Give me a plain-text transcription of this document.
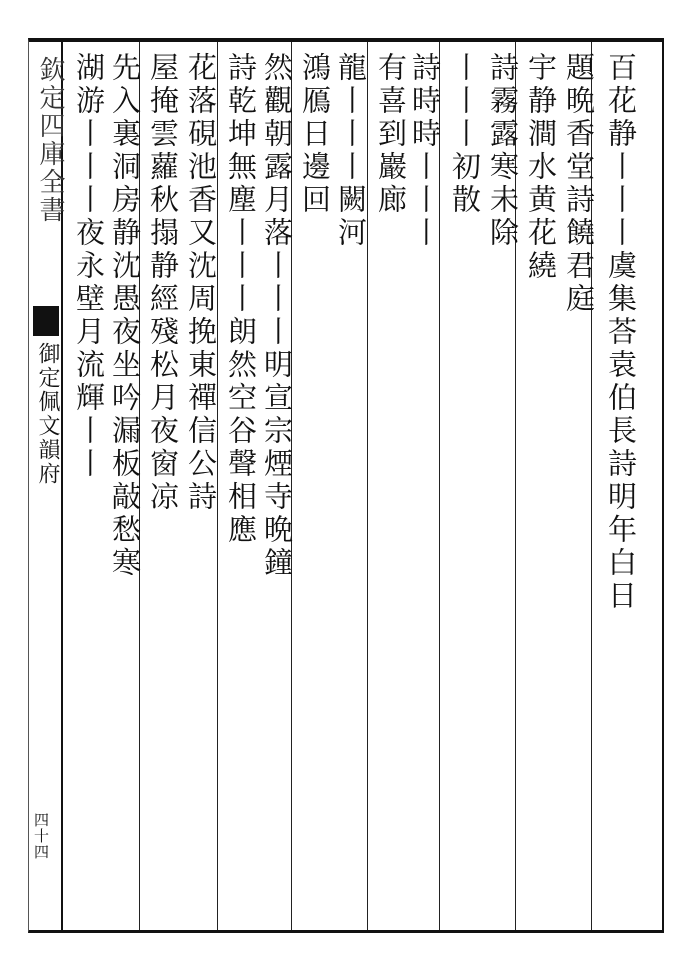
欽定四庫全書
御定佩文韻府
四十四
百花静丨丨丨虞集荅袁伯長詩明年白日
題晩香堂詩饒君庭
宇静澗水黄花繞
詩霧露寒未除
丨丨丨初散
詩時時丨丨丨
有喜到巖廊
龍丨丨丨闕河
鴻鴈日邊回
然觀朝露月落丨丨丨明宣宗煙寺晩鐘
詩乾坤無塵丨丨丨朗然空谷聲相應
花落硯池香又沈周挽東禪信公詩
屋掩雲蘿秋搨静經殘松月夜窗凉
先入裏洞房静沈愚夜坐吟漏板敲愁寒
湖游丨丨丨夜永壁月流輝丨丨
